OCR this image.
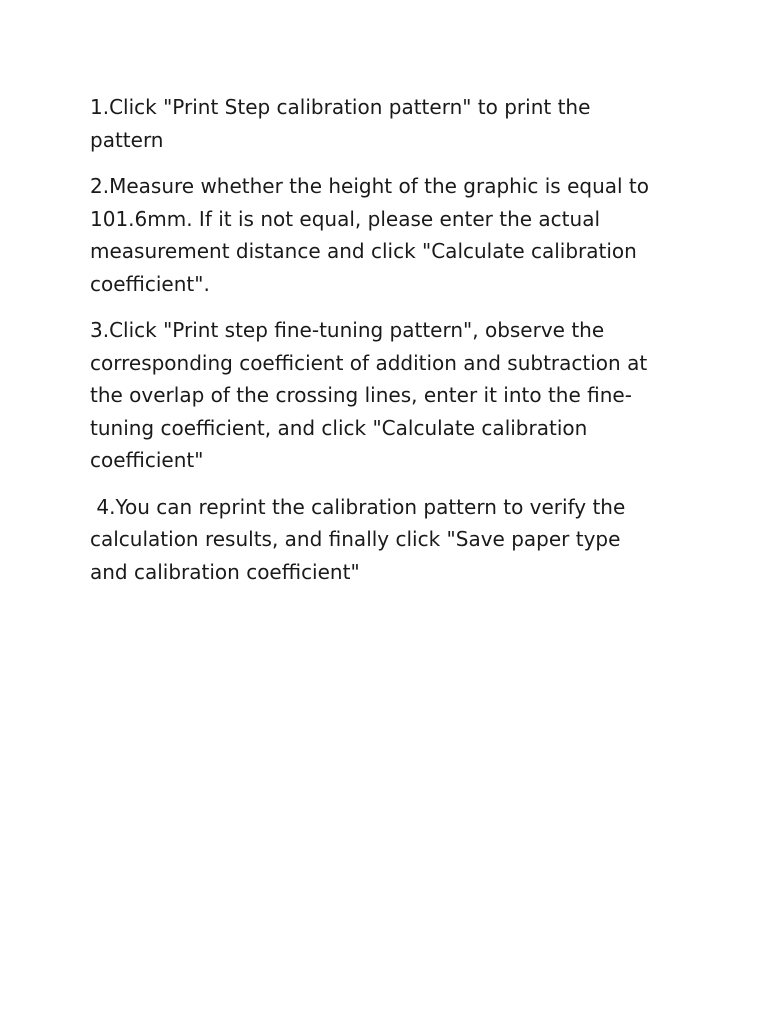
1.Click "Print Step calibration pattern" to print the pattern

2.Measure whether the height of the graphic is equal to 101.6mm. If it is not equal, please enter the actual measurement distance and click "Calculate calibration coefficient".

3.Click "Print step fine-tuning pattern", observe the corresponding coefficient of addition and subtraction at the overlap of the crossing lines, enter it into the fine-tuning coefficient, and click "Calculate calibration coefficient"

4.You can reprint the calibration pattern to verify the calculation results, and finally click "Save paper type and calibration coefficient"
